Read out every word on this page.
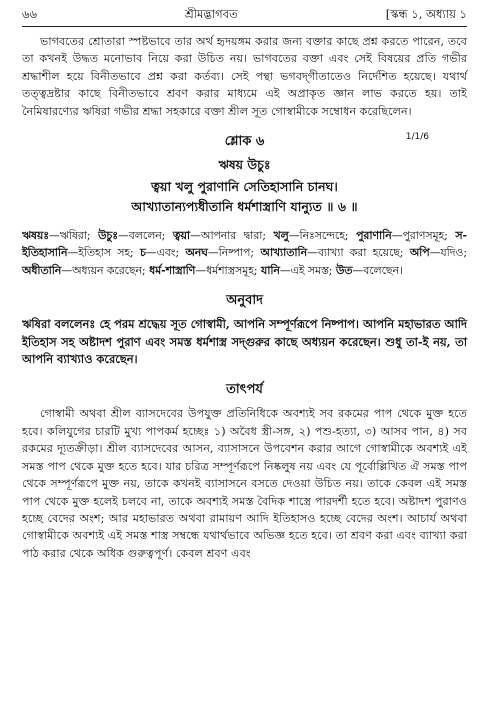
৬৬	শ্রীমদ্ভাগবত	[স্কন্ধ ১, অধ্যায় ১

ভাগবতের শ্রোতারা স্পষ্টভাবে তার অর্থ হৃদয়ঙ্গম করার জন্য বক্তার কাছে প্রশ্ন করতে পারেন, তবে তা কখনই উদ্ধত মনোভাব নিয়ে করা উচিত নয়। ভাগবতের বক্তা এবং সেই বিষয়ের প্রতি গভীর শ্রদ্ধাশীল হয়ে বিনীতভাবে প্রশ্ন করা কর্তব্য। সেই পন্থা ভগবদ্‌গীতাতেও নির্দেশিত হয়েছে। যথার্থ তত্ত্বদ্রষ্টার কাছে বিনীতভাবে শ্রবণ করার মাধ্যমে এই অপ্রাকৃত জ্ঞান লাভ করতে হয়। তাই নৈমিষারণ্যের ঋষিরা গভীর শ্রদ্ধা সহকারে বক্তা শ্রীল সূত গোস্বামীকে সম্বোধন করেছিলেন।

শ্লোক ৬	1/1/6
ঋষয় উচুঃ
ত্বয়া খলু পুরাণানি সেতিহাসানি চানঘ।
আখ্যাতান্যপ্যধীতানি ধর্মশাস্ত্রাণি যান্যুত ॥ ৬ ॥
ঋষয়ঃ—ঋষিরা; উচুঃ—বললেন; ত্বয়া—আপনার দ্বারা; খলু—নিঃসন্দেহে; পুরাণানি—পুরাণসমূহ; স-ইতিহাসানি—ইতিহাস সহ; চ—এবং; অনঘ—নিষ্পাপ; আখ্যাতানি—ব্যাখ্যা করা হয়েছে; অপি—যদিও; অধীতানি—অধ্যয়ন করেছেন; ধর্ম-শাস্ত্রাণি—ধর্মশাস্ত্রসমূহ; যানি—এই সমস্ত; উত—বলেছেন।
অনুবাদ
ঋষিরা বললেনঃ হে পরম শ্রদ্ধেয় সূত গোস্বামী, আপনি সম্পূর্ণরূপে নিষ্পাপ। আপনি মহাভারত আদি ইতিহাস সহ অষ্টাদশ পুরাণ এবং সমস্ত ধর্মশাস্ত্র সদ্‌গুরুর কাছে অধ্যয়ন করেছেন। শুধু তা-ই নয়, তা আপনি ব্যাখ্যাও করেছেন।
তাৎপর্য

গোস্বামী অথবা শ্রীল ব্যাসদেবের উপযুক্ত প্রতিনিধিকে অবশ্যই সব রকমের পাপ থেকে মুক্ত হতে হবে। কলিযুগের চারটি মুখ্য পাপকর্ম হচ্ছেঃ ১) অবৈধ স্ত্রী-সঙ্গ, ২) পশু-হত্যা, ৩) আসব পান, ৪) সব রকমের দ্যূতক্রীড়া। শ্রীল ব্যাসদেবের আসন, ব্যাসাসনে উপবেশন করার আগে গোস্বামীকে অবশ্যই এই সমস্ত পাপ থেকে মুক্ত হতে হবে। যার চরিত্র সম্পূর্ণরূপে নিষ্কলুষ নয় এবং যে পূর্বোল্লিখিত ঐ সমস্ত পাপ থেকে সম্পূর্ণরূপে মুক্ত নয়, তাকে কখনই ব্যাসাসনে বসতে দেওয়া উচিত নয়। তাকে কেবল এই সমস্ত পাপ থেকে মুক্ত হলেই চলবে না, তাকে অবশ্যই সমস্ত বৈদিক শাস্ত্রে পারদর্শী হতে হবে। অষ্টাদশ পুরাণও হচ্ছে বেদের অংশ; আর মহাভারত অথবা রামায়ণ আদি ইতিহাসও হচ্ছে বেদের অংশ। আচার্য অথবা গোস্বামীকে অবশ্যই এই সমস্ত শাস্ত্র সম্বন্ধে যথার্থভাবে অভিজ্ঞ হতে হবে। তা শ্রবণ করা এবং ব্যাখ্যা করা পাঠ করার থেকে অধিক গুরুত্বপূর্ণ। কেবল শ্রবণ এবং
